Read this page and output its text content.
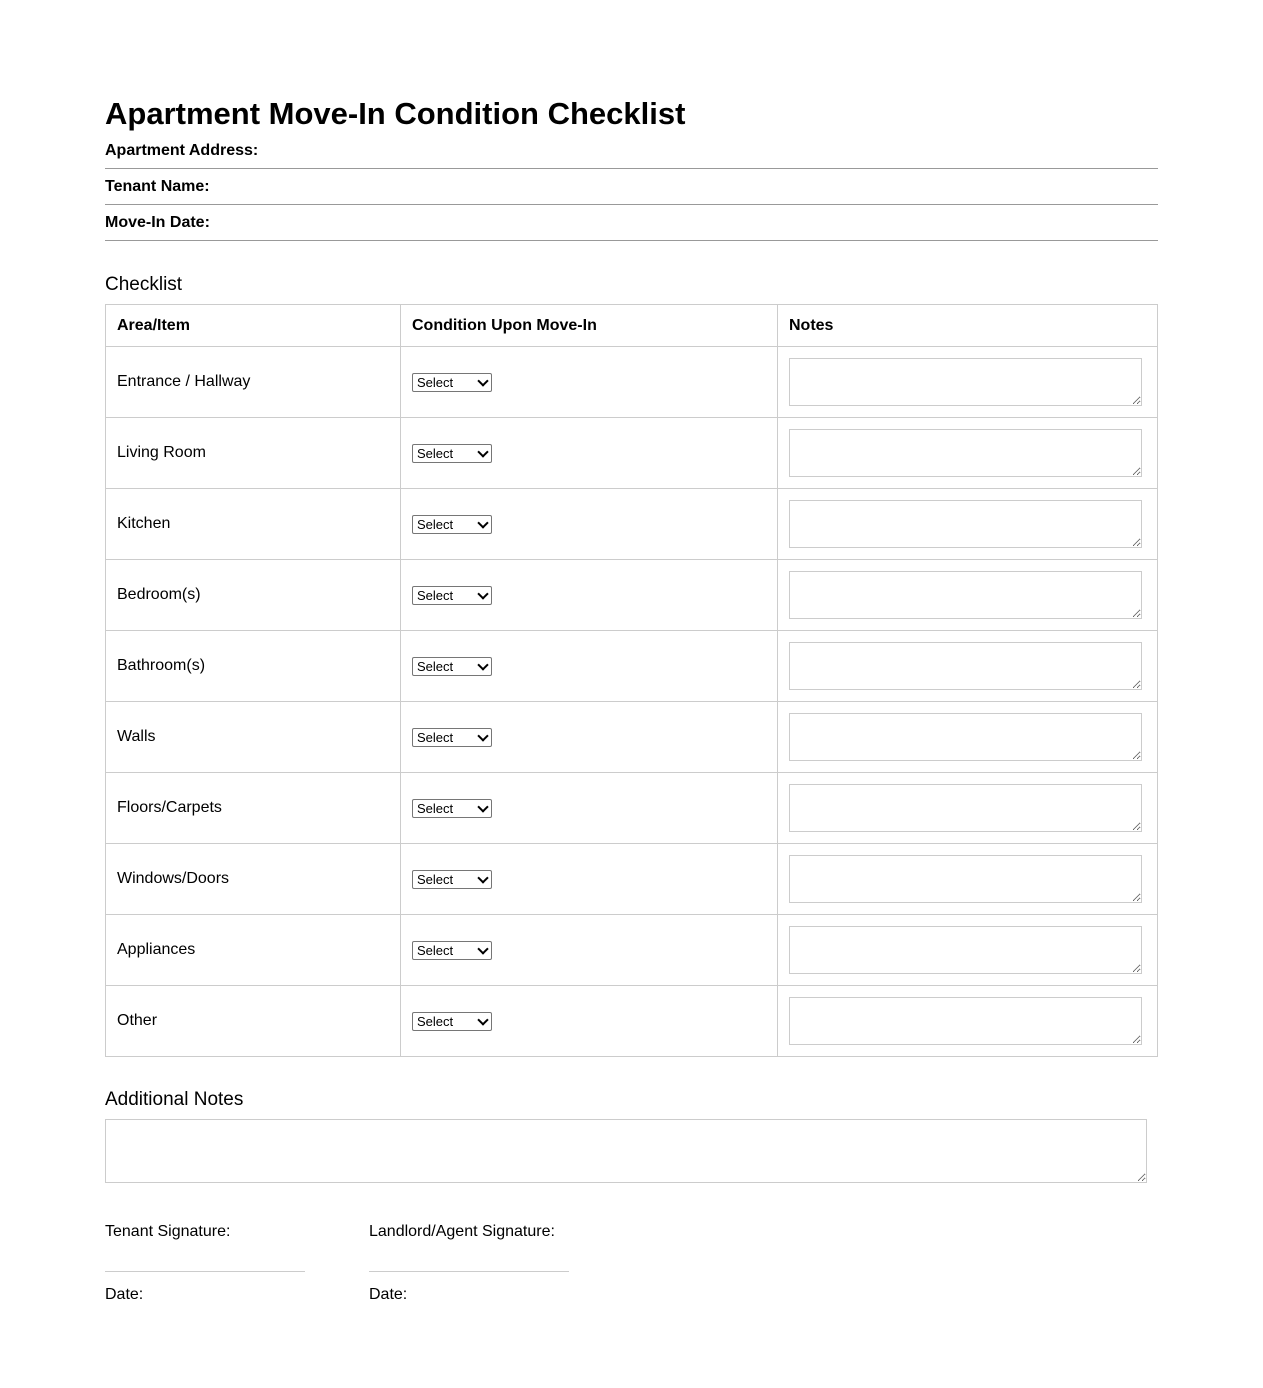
Apartment Move-In Condition Checklist
Apartment Address:
Tenant Name:
Move-In Date:
Checklist
Area/Item	Condition Upon Move-In	Notes
Entrance / Hallway	Select

Living Room	Select

Kitchen	Select

Bedroom(s)	Select

Bathroom(s)	Select

Walls	Select

Floors/Carpets	Select

Windows/Doors	Select

Appliances	Select

Other	Select

Additional Notes
Tenant Signature:
Date:
Landlord/Agent Signature:
Date:
